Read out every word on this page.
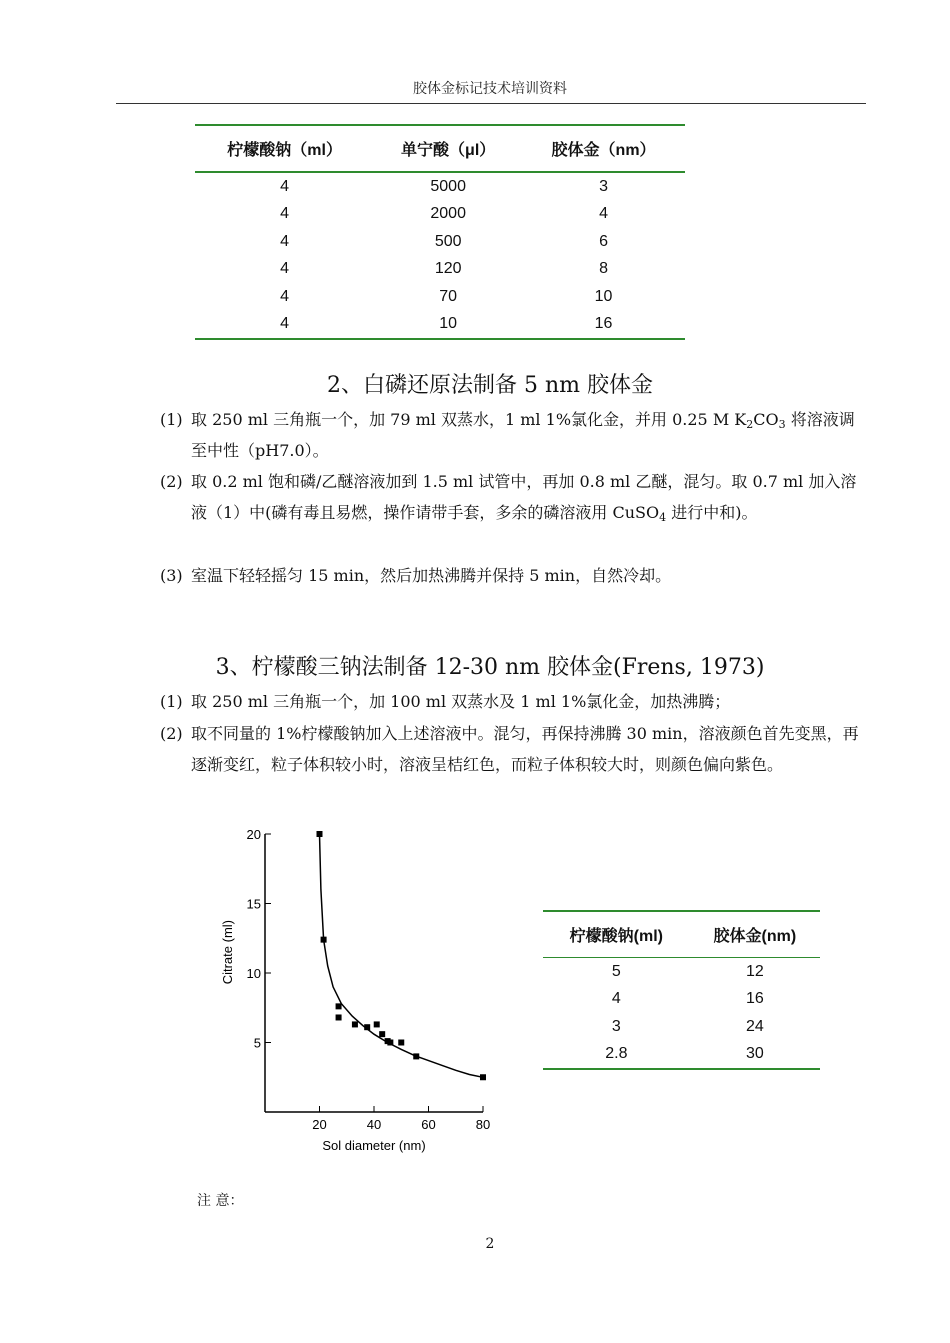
胶体金标记技术培训资料
柠檬酸钠（ml）	单宁酸（μl）	胶体金（nm）
4	5000	3
4	2000	4
4	500	6
4	120	8
4	70	10
4	10	16
2、白磷还原法制备 5 nm 胶体金
(1) 取 250 ml 三角瓶一个，加 79 ml 双蒸水，1 ml 1%氯化金，并用 0.25 M $K_2CO_3$ 将溶液调至中性（pH7.0）。
(2) 取 0.2 ml 饱和磷/乙醚溶液加到 1.5 ml 试管中，再加 0.8 ml 乙醚，混匀。取 0.7 ml 加入溶液（1）中(磷有毒且易燃，操作请带手套，多余的磷溶液用 CuSO$_4$ 进行中和)。
(3) 室温下轻轻摇匀 15 min，然后加热沸腾并保持 5 min，自然冷却。
3、柠檬酸三钠法制备 12-30 nm 胶体金(Frens, 1973)
(1) 取 250 ml 三角瓶一个，加 100 ml 双蒸水及 1 ml 1%氯化金，加热沸腾；
(2) 取不同量的 1%柠檬酸钠加入上述溶液中。混匀，再保持沸腾 30 min，溶液颜色首先变黑，再逐渐变红，粒子体积较小时，溶液呈桔红色，而粒子体积较大时，则颜色偏向紫色。
20	40	60	80
5
10
15
20
Sol diameter (nm)
Citrate (ml)	柠檬酸钠(ml)	胶体金(nm)
5	12
4	16
3	24
2.8	30
注 意：
2
